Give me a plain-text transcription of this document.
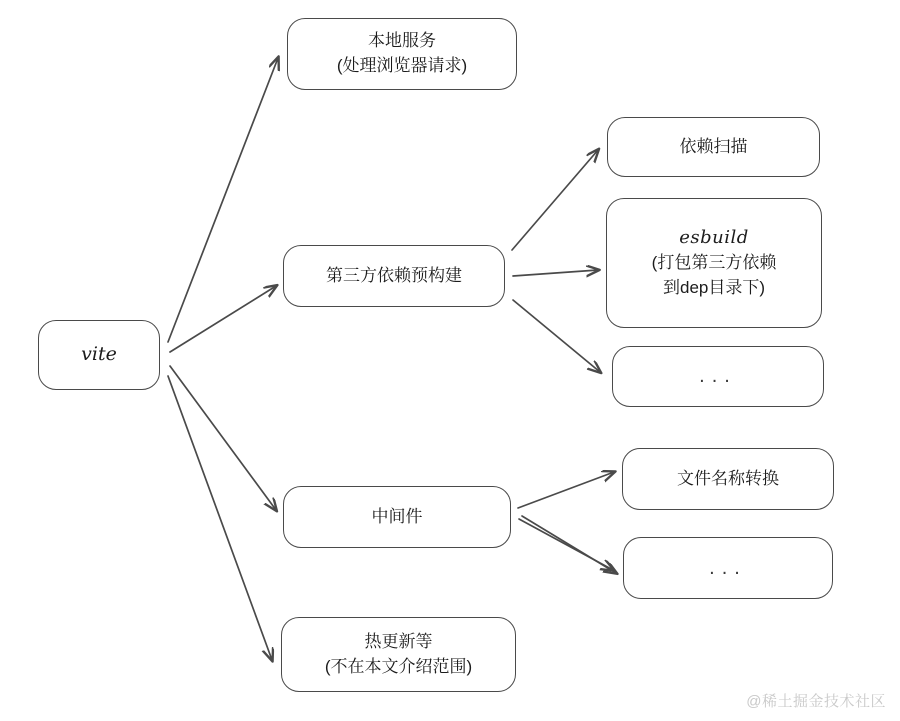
vite
本地服务
(处理浏览器请求)
第三方依赖预构建
依赖扫描
esbuild
(打包第三方依赖
到dep目录下)
...
中间件
文件名称转换
...
热更新等
(不在本文介绍范围)
@稀土掘金技术社区
